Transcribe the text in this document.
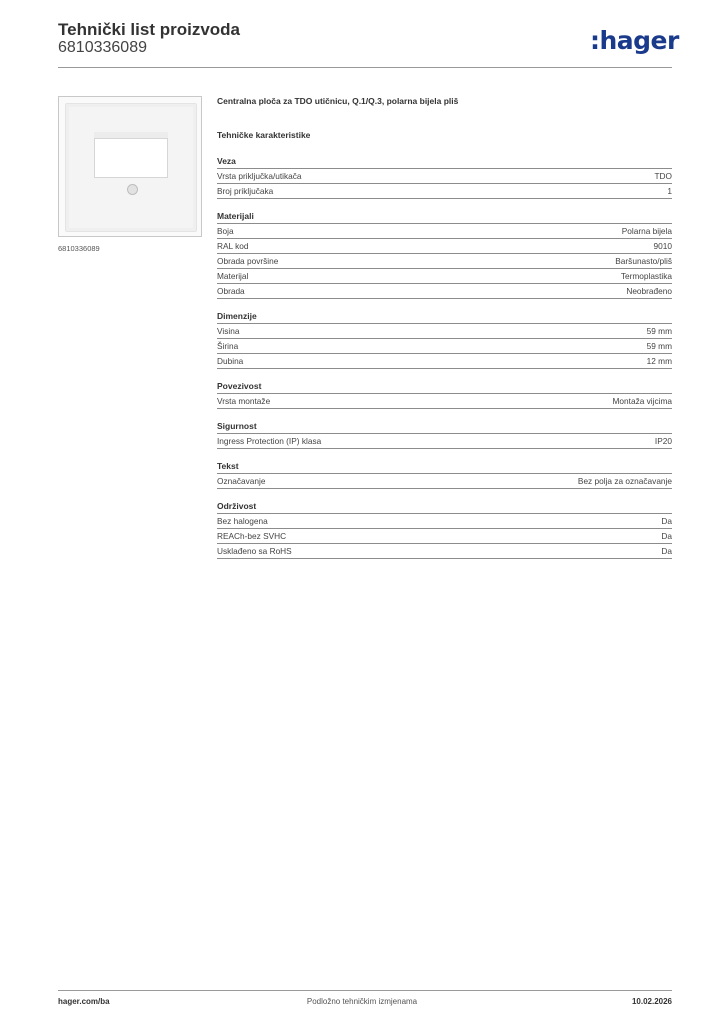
Tehnički list proizvoda
6810336089	:hager
6810336089
Centralna ploča za TDO utičnicu, Q.1/Q.3, polarna bijela pliš
Tehničke karakteristike
Veza
Vrsta priključka/utikača	TDO
Broj priključaka	1
Materijali
Boja	Polarna bijela
RAL kod	9010
Obrada površine	Baršunasto/pliš
Materijal	Termoplastika
Obrada	Neobrađeno
Dimenzije
Visina	59 mm
Širina	59 mm
Dubina	12 mm
Povezivost
Vrsta montaže	Montaža vijcima
Sigurnost
Ingress Protection (IP) klasa	IP20
Tekst
Označavanje	Bez polja za označavanje
Održivost
Bez halogena	Da
REACh-bez SVHC	Da
Usklađeno sa RoHS	Da
hager.com/ba	Podložno tehničkim izmjenama	10.02.2026
